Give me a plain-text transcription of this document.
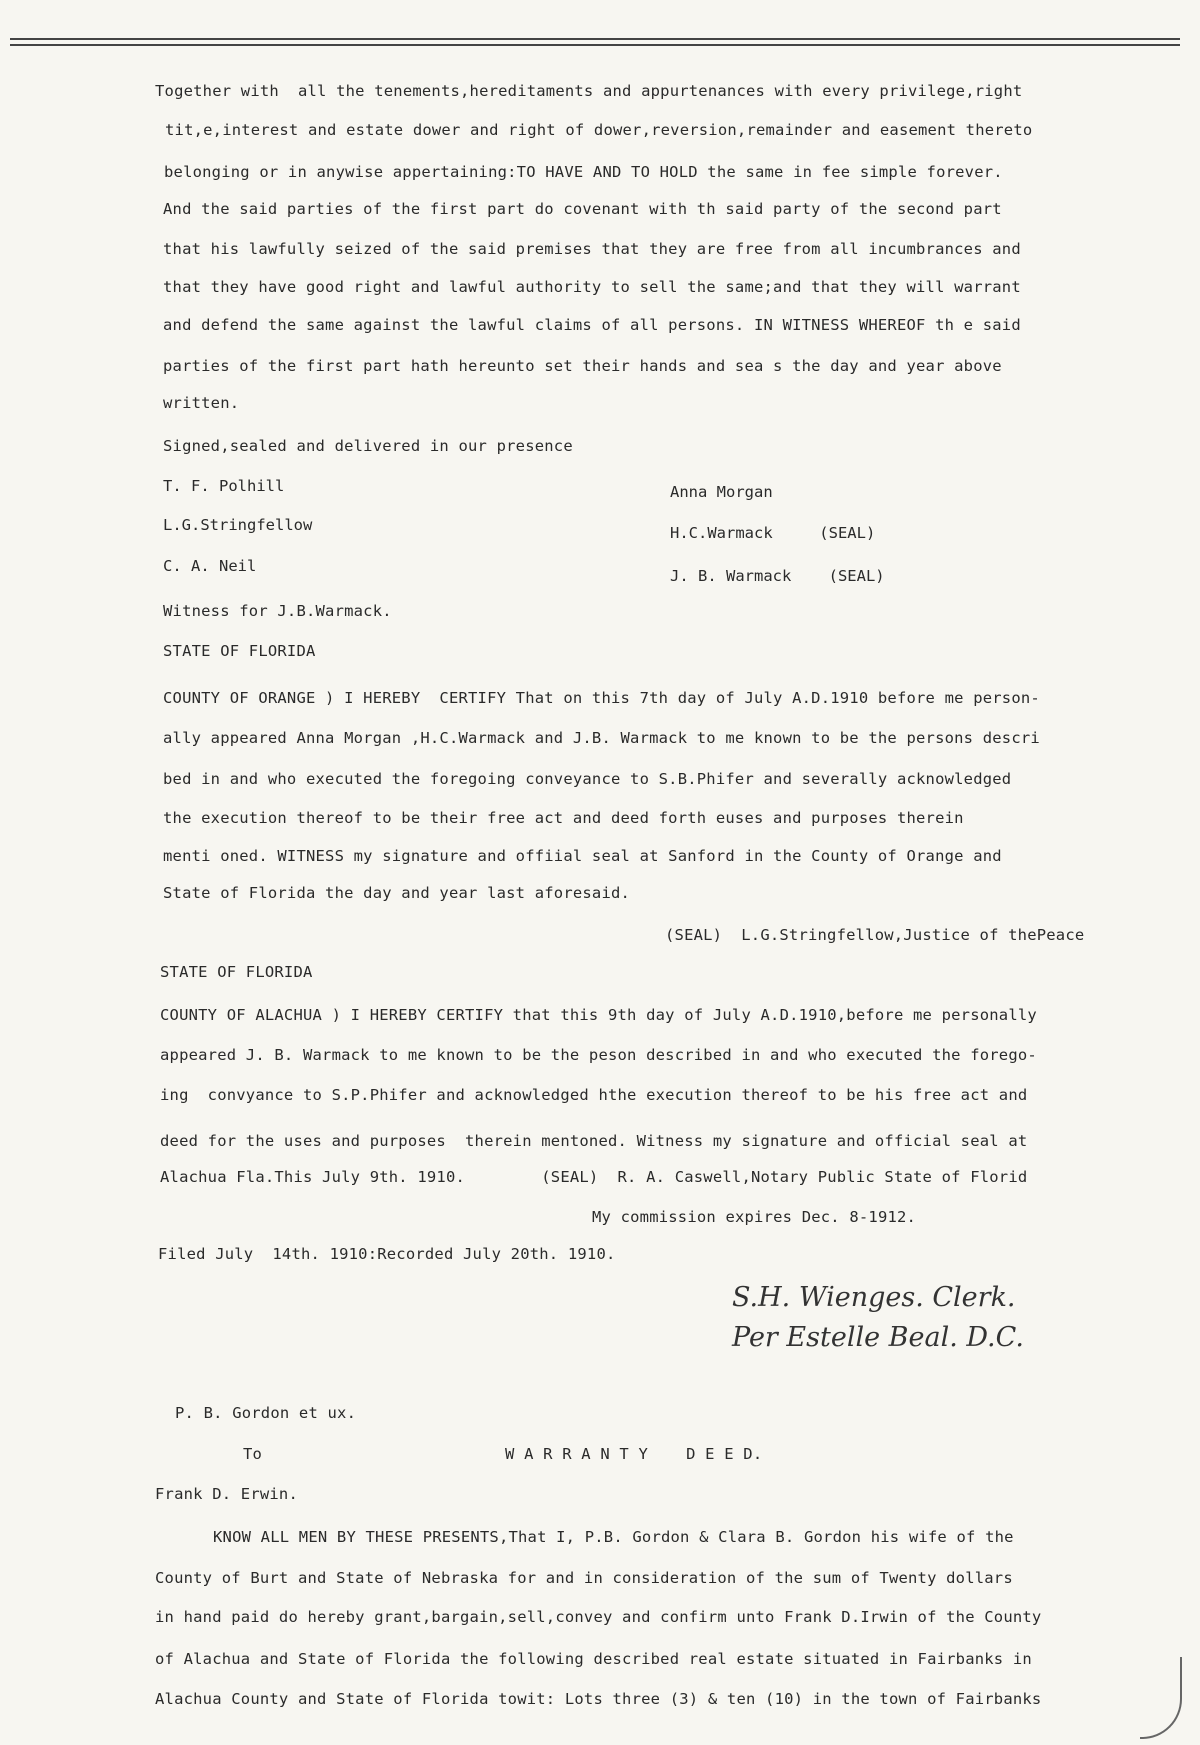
Together with  all the tenements,hereditaments and appurtenances with every privilege,right
tit,e,interest and estate dower and right of dower,reversion,remainder and easement thereto
belonging or in anywise appertaining:TO HAVE AND TO HOLD the same in fee simple forever.
And the said parties of the first part do covenant with th said party of the second part
that his lawfully seized of the said premises that they are free from all incumbrances and
that they have good right and lawful authority to sell the same;and that they will warrant
and defend the same against the lawful claims of all persons. IN WITNESS WHEREOF th e said
parties of the first part hath hereunto set their hands and sea s the day and year above
written.
Signed,sealed and delivered in our presence
T. F. Polhill
L.G.Stringfellow
C. A. Neil
Anna Morgan
H.C.Warmack     (SEAL)
J. B. Warmack    (SEAL)
Witness for J.B.Warmack.
STATE OF FLORIDA
COUNTY OF ORANGE ) I HEREBY  CERTIFY That on this 7th day of July A.D.1910 before me person-
ally appeared Anna Morgan ,H.C.Warmack and J.B. Warmack to me known to be the persons descri
bed in and who executed the foregoing conveyance to S.B.Phifer and severally acknowledged
the execution thereof to be their free act and deed forth euses and purposes therein
menti oned. WITNESS my signature and offiial seal at Sanford in the County of Orange and
State of Florida the day and year last aforesaid.
(SEAL)  L.G.Stringfellow,Justice of thePeace
STATE OF FLORIDA
COUNTY OF ALACHUA ) I HEREBY CERTIFY that this 9th day of July A.D.1910,before me personally
appeared J. B. Warmack to me known to be the peson described in and who executed the forego-
ing  convyance to S.P.Phifer and acknowledged hthe execution thereof to be his free act and
deed for the uses and purposes  therein mentoned. Witness my signature and official seal at
Alachua Fla.This July 9th. 1910.        (SEAL)  R. A. Caswell,Notary Public State of Florid
My commission expires Dec. 8-1912.
Filed July  14th. 1910:Recorded July 20th. 1910.
S.H. Wienges. Clerk.
Per Estelle Beal. D.C.
P. B. Gordon et ux.
To	W A R R A N T Y    D E E D.
Frank D. Erwin.
KNOW ALL MEN BY THESE PRESENTS,That I, P.B. Gordon & Clara B. Gordon his wife of the
County of Burt and State of Nebraska for and in consideration of the sum of Twenty dollars
in hand paid do hereby grant,bargain,sell,convey and confirm unto Frank D.Irwin of the County
of Alachua and State of Florida the following described real estate situated in Fairbanks in
Alachua County and State of Florida towit: Lots three (3) & ten (10) in the town of Fairbanks
